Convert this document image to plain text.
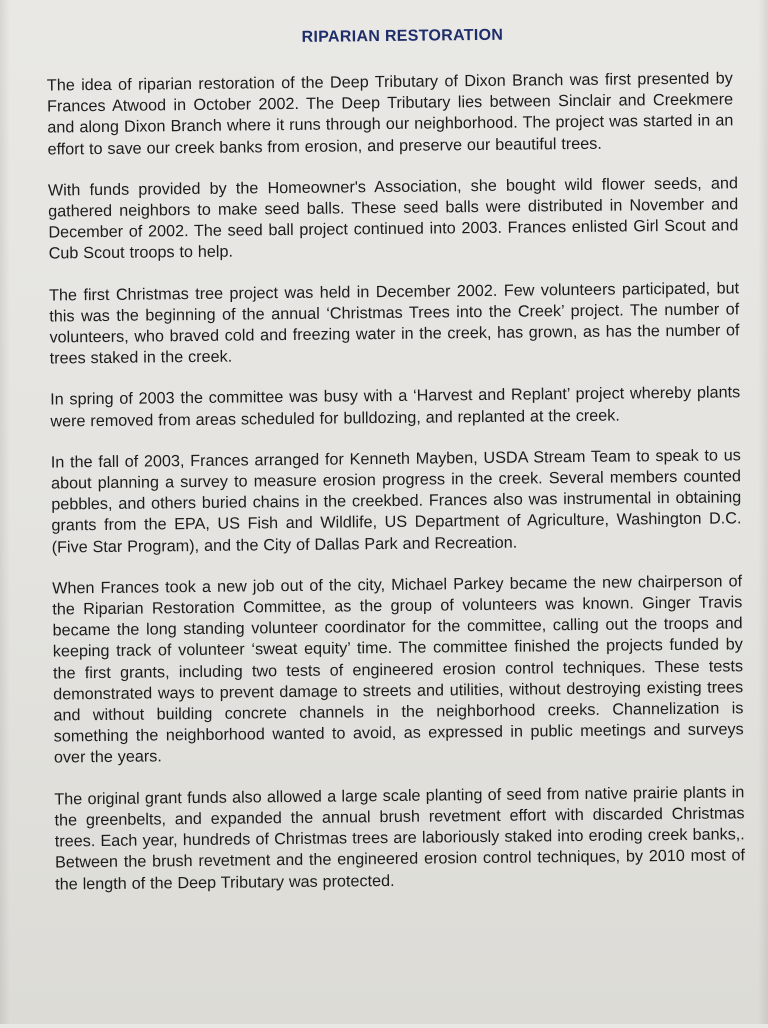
RIPARIAN RESTORATION

The idea of riparian restoration of the Deep Tributary of Dixon Branch was first presented by Frances Atwood in October 2002. The Deep Tributary lies between Sinclair and Creekmere and along Dixon Branch where it runs through our neighborhood. The project was started in an effort to save our creek banks from erosion, and preserve our beautiful trees.

With funds provided by the Homeowner's Association, she bought wild flower seeds, and gathered neighbors to make seed balls. These seed balls were distributed in November and December of 2002. The seed ball project continued into 2003. Frances enlisted Girl Scout and Cub Scout troops to help.

The first Christmas tree project was held in December 2002. Few volunteers participated, but this was the beginning of the annual ‘Christmas Trees into the Creek’ project. The number of volunteers, who braved cold and freezing water in the creek, has grown, as has the number of trees staked in the creek.

In spring of 2003 the committee was busy with a ‘Harvest and Replant’ project whereby plants were removed from areas scheduled for bulldozing, and replanted at the creek.

In the fall of 2003, Frances arranged for Kenneth Mayben, USDA Stream Team to speak to us about planning a survey to measure erosion progress in the creek. Several members counted pebbles, and others buried chains in the creekbed. Frances also was instrumental in obtaining grants from the EPA, US Fish and Wildlife, US Department of Agriculture, Washington D.C. (Five Star Program), and the City of Dallas Park and Recreation.

When Frances took a new job out of the city, Michael Parkey became the new chairperson of the Riparian Restoration Committee, as the group of volunteers was known. Ginger Travis became the long standing volunteer coordinator for the committee, calling out the troops and keeping track of volunteer ‘sweat equity’ time. The committee finished the projects funded by the first grants, including two tests of engineered erosion control techniques. These tests demonstrated ways to prevent damage to streets and utilities, without destroying existing trees and without building concrete channels in the neighborhood creeks. Channelization is something the neighborhood wanted to avoid, as expressed in public meetings and surveys over the years.

The original grant funds also allowed a large scale planting of seed from native prairie plants in the greenbelts, and expanded the annual brush revetment effort with discarded Christmas trees. Each year, hundreds of Christmas trees are laboriously staked into eroding creek banks,. Between the brush revetment and the engineered erosion control techniques, by 2010 most of the length of the Deep Tributary was protected.
